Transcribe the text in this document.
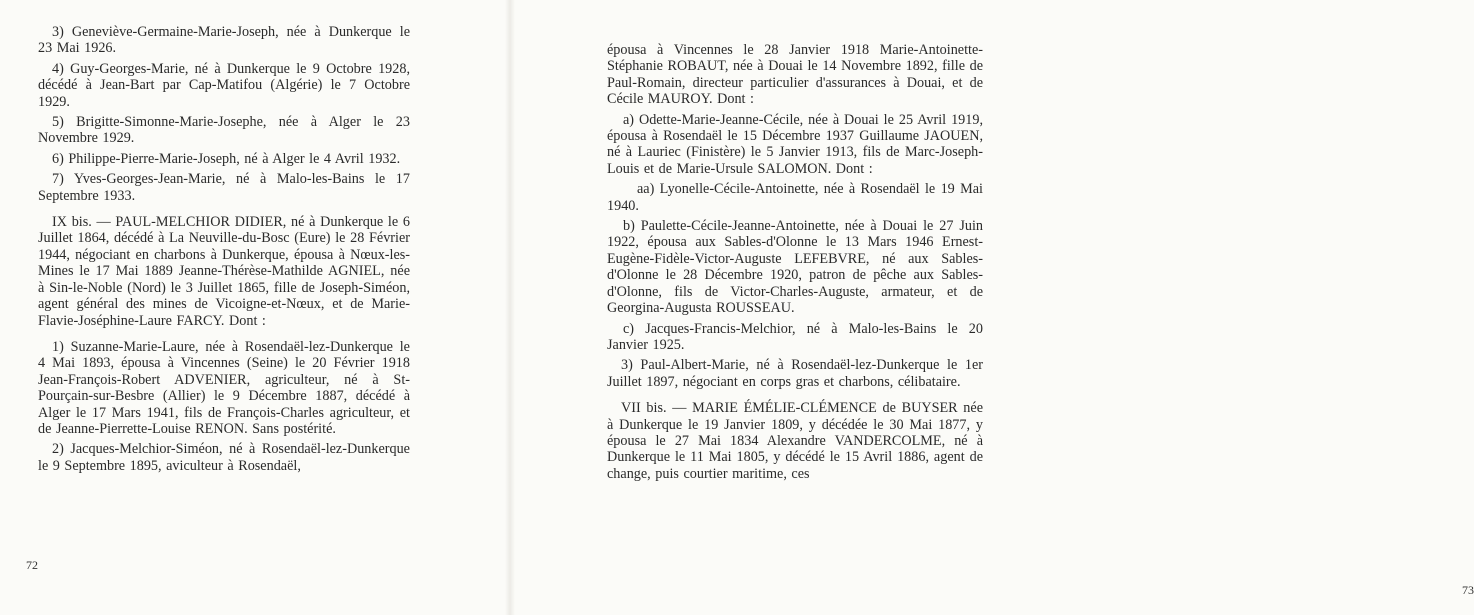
3) Geneviève-Germaine-Marie-Joseph, née à Dunkerque le 23 Mai 1926.

4) Guy-Georges-Marie, né à Dunkerque le 9 Octobre 1928, décédé à Jean-Bart par Cap-Matifou (Algérie) le 7 Octobre 1929.

5) Brigitte-Simonne-Marie-Josephe, née à Alger le 23 Novembre 1929.

6) Philippe-Pierre-Marie-Joseph, né à Alger le 4 Avril 1932.

7) Yves-Georges-Jean-Marie, né à Malo-les-Bains le 17 Septembre 1933.

IX bis. — PAUL-MELCHIOR DIDIER, né à Dunkerque le 6 Juillet 1864, décédé à La Neuville-du-Bosc (Eure) le 28 Février 1944, négociant en charbons à Dunkerque, épousa à Nœux-les-Mines le 17 Mai 1889 Jeanne-Thérèse-Mathilde AGNIEL, née à Sin-le-Noble (Nord) le 3 Juillet 1865, fille de Joseph-Siméon, agent général des mines de Vicoigne-et-Nœux, et de Marie-Flavie-Joséphine-Laure FARCY. Dont :

1) Suzanne-Marie-Laure, née à Rosendaël-lez-Dunkerque le 4 Mai 1893, épousa à Vincennes (Seine) le 20 Février 1918 Jean-François-Robert ADVENIER, agriculteur, né à St-Pourçain-sur-Besbre (Allier) le 9 Décembre 1887, décédé à Alger le 17 Mars 1941, fils de François-Charles agriculteur, et de Jeanne-Pierrette-Louise RENON. Sans postérité.

2) Jacques-Melchior-Siméon, né à Rosendaël-lez-Dunkerque le 9 Septembre 1895, aviculteur à Rosendaël,

72

épousa à Vincennes le 28 Janvier 1918 Marie-Antoinette-Stéphanie ROBAUT, née à Douai le 14 Novembre 1892, fille de Paul-Romain, directeur particulier d'assurances à Douai, et de Cécile MAUROY. Dont :

a) Odette-Marie-Jeanne-Cécile, née à Douai le 25 Avril 1919, épousa à Rosendaël le 15 Décembre 1937 Guillaume JAOUEN, né à Lauriec (Finistère) le 5 Janvier 1913, fils de Marc-Joseph-Louis et de Marie-Ursule SALOMON. Dont :

aa) Lyonelle-Cécile-Antoinette, née à Rosendaël le 19 Mai 1940.

b) Paulette-Cécile-Jeanne-Antoinette, née à Douai le 27 Juin 1922, épousa aux Sables-d'Olonne le 13 Mars 1946 Ernest-Eugène-Fidèle-Victor-Auguste LEFEBVRE, né aux Sables-d'Olonne le 28 Décembre 1920, patron de pêche aux Sables-d'Olonne, fils de Victor-Charles-Auguste, armateur, et de Georgina-Augusta ROUSSEAU.

c) Jacques-Francis-Melchior, né à Malo-les-Bains le 20 Janvier 1925.

3) Paul-Albert-Marie, né à Rosendaël-lez-Dunkerque le 1er Juillet 1897, négociant en corps gras et charbons, célibataire.

VII bis. — MARIE ÉMÉLIE-CLÉMENCE de BUYSER née à Dunkerque le 19 Janvier 1809, y décédée le 30 Mai 1877, y épousa le 27 Mai 1834 Alexandre VANDERCOLME, né à Dunkerque le 11 Mai 1805, y décédé le 15 Avril 1886, agent de change, puis courtier maritime, ces

73
